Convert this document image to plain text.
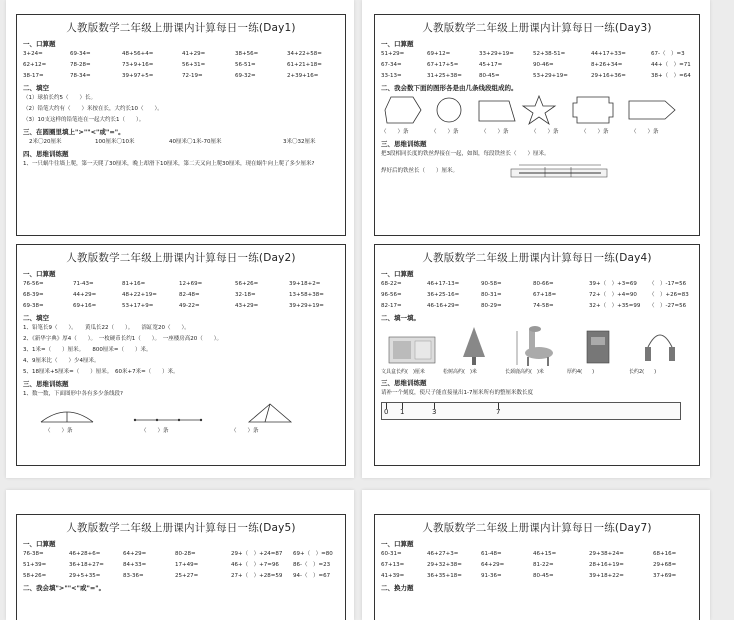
人教版数学二年级上册课内计算每日一练(Day1)
一、口算题
3+24=	69-34=	48+56+4=	41+29=	38+56=	34+22+58=
62+12=	78-28=	73+9+16=	56+31=	56-51=	61+21+18=
38-17=	78-34=	39+97+5=	72-19=	69-32=	2+39+16=
二、填空
（1）球拍长约5（　　）长。
（2）铅笔大约有（　　）米按在长，大约长10（　　）。
（3）10支这样的铅笔连在一起大约长1（　　）。
三、在圆圈里填上">""<"或"="。
2米〇20厘米	100厘米〇10米	40厘米〇1米-70厘米	3米〇32厘米
四、思维训练题
1、一只蜗牛往墙上爬，第一天爬了30厘米，晚上却滑下10厘米，第二天又向上爬30厘米，现在蜗牛向上爬了多少厘米?
人教版数学二年级上册课内计算每日一练(Day2)
一、口算题
76-56=	71-43=	81+16=	12+69=	56+26=	39+18+2=
68-39=	44+29=	48+22+19=	82-48=	32-18=	13+58+38=
69-38=	69+16=	53+17+9=	49-22=	43+29=	39+29+19=
二、填空
1、铅笔长9（　　）。　　黄瓜长22（　　）。　　浴缸宽20（　　）。
2、《新华字典》厚4（　　）。　一枚硬币长约1（　　）。　一座楼房高20（　　）。
3、1米=（　　）厘米。　　800厘米=（　　）米。
4、9厘米比（　　）少4厘米。
5、18厘米+5厘米=（　　）厘米。　60米+7米=（　　）米。
三、思维训练题
1、数一数，下面图形中各有多少条线段?
（　　）条	（　　）条	（　　）条
人教版数学二年级上册课内计算每日一练(Day3)
一、口算题
51+29=	69+12=	33+29+19=	52+38-51=	44+17+33=	67-（　）=3
67-34=	67+17+5=	45+17=	90-46=	8+26+34=	44+（　）=71
33-13=	31+25+38=	80-45=	53+29+19=	29+16+36=	38+（　）=64
二、我会数下面的图形各是由几条线段组成的。
（　　）条	（　　）条	（　　）条	（　　）条	（　　）条	（　　）条
三、思维训练题
把3段相同长度的铁丝焊接在一起，如图，每段铁丝长（　　）厘米。
焊好后的铁丝长（　　）厘米。
人教版数学二年级上册课内计算每日一练(Day4)
一、口算题
68-22=	46+17-13=	90-58=	80-66=	39+（　）+3=69	（　）-17=56
96-56=	36+25-16=	80-31=	67+18=	72+（　）+4=90	（　）+26=83
82-17=	46-16+29=	80-29=	74-58=	32+（　）+35=99	（　）-27=56
二、填一填。
文具盒长约(　)厘米	松树高约(　)米	长颈鹿高约(　)米	厚约4(　　)	长约2(　　)
三、思维训练题
请补一个刻度，使尺子能直接量出1-7厘米所有的整厘米数长度
0 1	3	7
人教版数学二年级上册课内计算每日一练(Day5)
一、口算题
76-38=	46+28+6=	64+29=	80-28=	29+（　）+24=87	69+（　）=80
51+39=	36+18+27=	84+33=	17+49=	46+（　）+7=96	86-（　）=23
58+26=	29+5+35=	83-36=	25+27=	27+（　）+28=59	94-（　）=67
二、我会填">""<"或"="。
人教版数学二年级上册课内计算每日一练(Day7)
一、口算题
60-31=	46+27+3=	61-48=	46+15=	29+38+24=	68+16=
67+13=	29+32+38=	64+29=	81-22=	28+16+19=	29+68=
41+39=	36+35+18=	91-36=	80-45=	39+18+22=	37+69=
二、换力题
